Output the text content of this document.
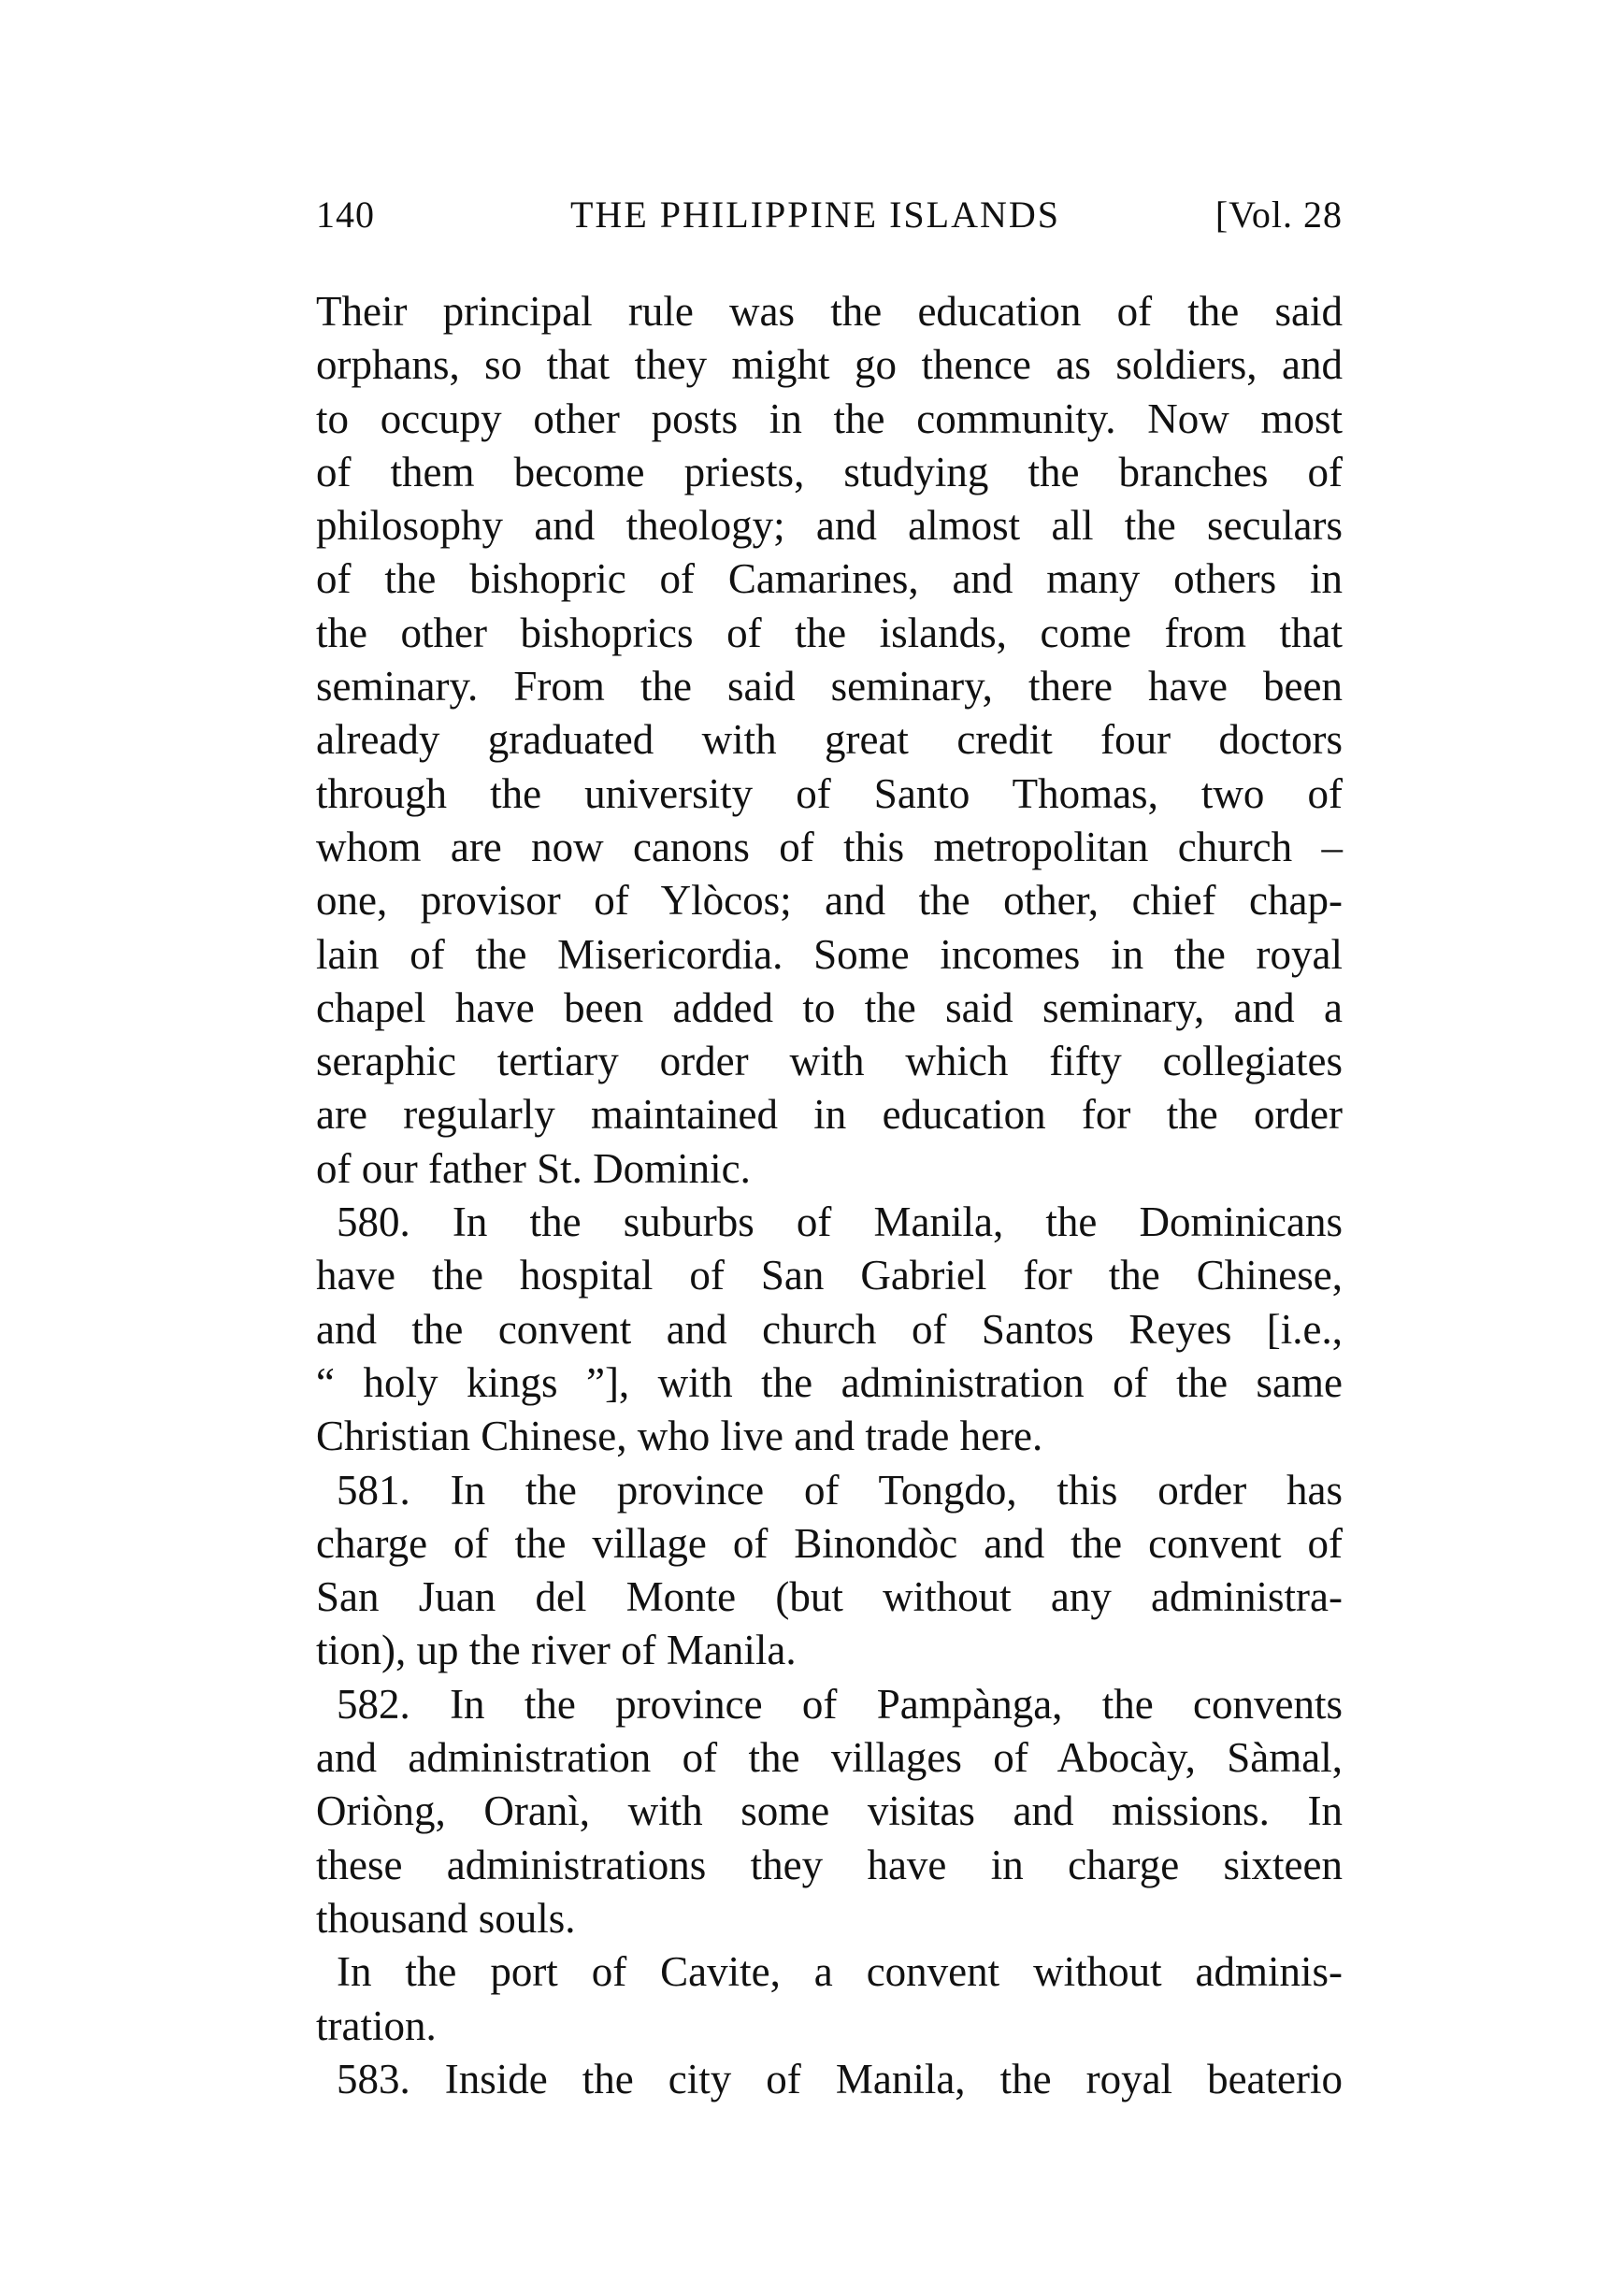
140	THE PHILIPPINE ISLANDS	[Vol. 28
Their principal rule was the education of the said
orphans, so that they might go thence as soldiers, and
to occupy other posts in the community. Now most
of them become priests, studying the branches of
philosophy and theology; and almost all the seculars
of the bishopric of Camarines, and many others in
the other bishoprics of the islands, come from that
seminary. From the said seminary, there have been
already graduated with great credit four doctors
through the university of Santo Thomas, two of
whom are now canons of this metropolitan church –
one, provisor of Ylòcos; and the other, chief chap-
lain of the Misericordia. Some incomes in the royal
chapel have been added to the said seminary, and a
seraphic tertiary order with which fifty collegiates
are regularly maintained in education for the order
of our father St. Dominic.
580. In the suburbs of Manila, the Dominicans
have the hospital of San Gabriel for the Chinese,
and the convent and church of Santos Reyes [i.e.,
“ holy kings ”], with the administration of the same
Christian Chinese, who live and trade here.
581. In the province of Tongdo, this order has
charge of the village of Binondòc and the convent of
San Juan del Monte (but without any administra-
tion), up the river of Manila.
582. In the province of Pampànga, the convents
and administration of the villages of Abocày, Sàmal,
Oriòng, Oranì, with some visitas and missions. In
these administrations they have in charge sixteen
thousand souls.
In the port of Cavite, a convent without adminis-
tration.
583. Inside the city of Manila, the royal beaterio
